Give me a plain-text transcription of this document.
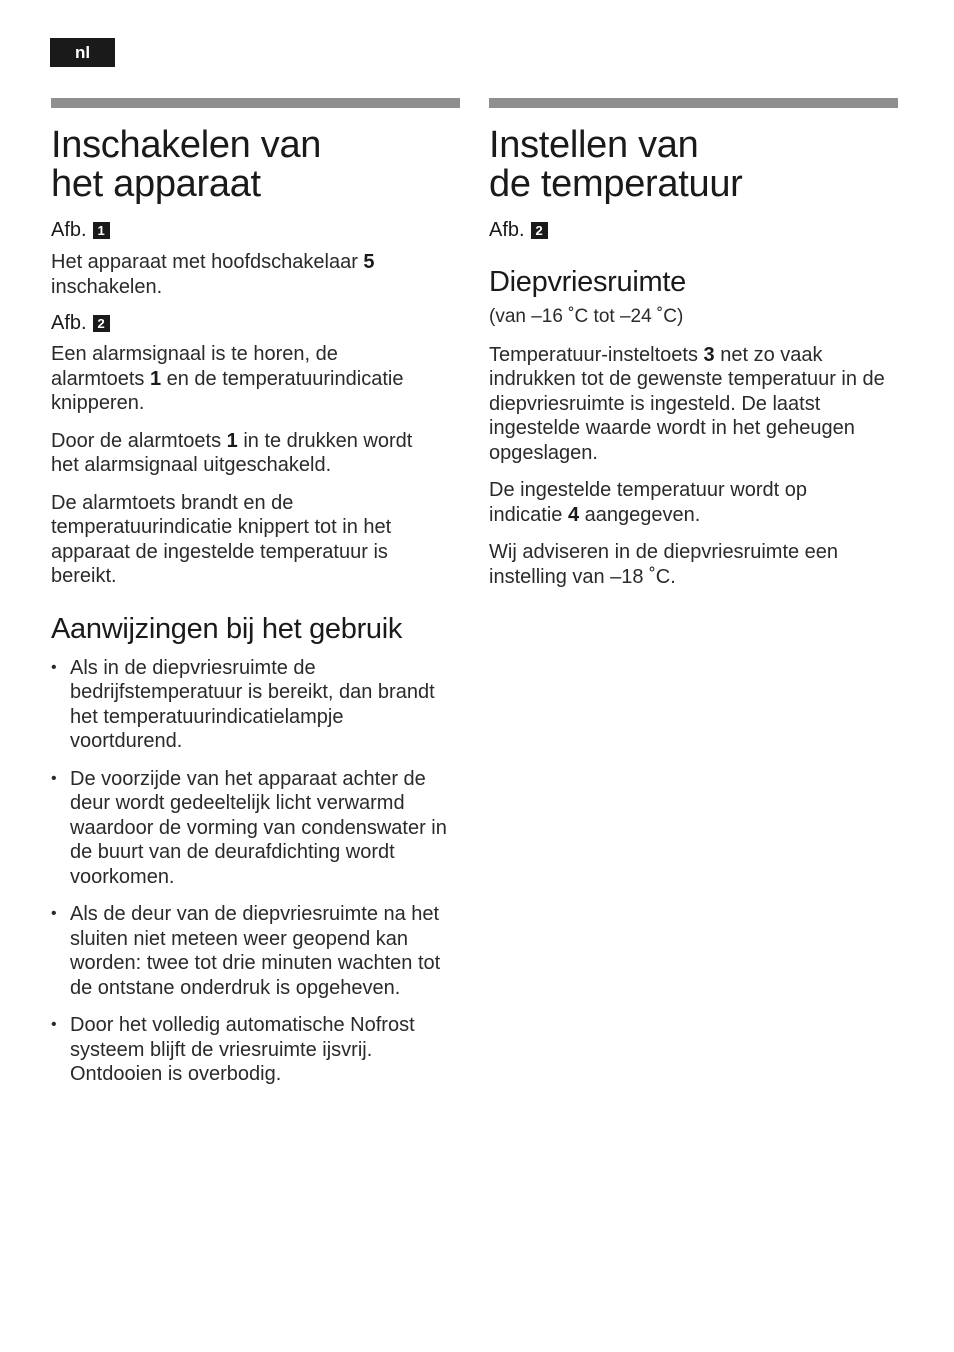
nl
Inschakelen van
het apparaat
Afb. 1

Het apparaat met hoofdschakelaar 5
inschakelen.

Afb. 2

Een alarmsignaal is te horen, de
alarmtoets 1 en de temperatuurindicatie
knipperen.

Door de alarmtoets 1 in te drukken wordt
het alarmsignaal uitgeschakeld.

De alarmtoets brandt en de temperatuurindicatie knippert tot in het apparaat de ingestelde temperatuur is bereikt.

Aanwijzingen bij het gebruik
• Als in de diepvriesruimte de bedrijfstemperatuur is bereikt, dan brandt het temperatuurindicatielampje voortdurend.
• De voorzijde van het apparaat achter de deur wordt gedeeltelijk licht verwarmd waardoor de vorming van condenswater in de buurt van de deurafdichting wordt voorkomen.
• Als de deur van de diepvriesruimte na het sluiten niet meteen weer geopend kan worden: twee tot drie minuten wachten tot de ontstane onderdruk is opgeheven.
• Door het volledig automatische Nofrost systeem blijft de vriesruimte ijsvrij. Ontdooien is overbodig.
Instellen van
de temperatuur
Afb. 2
Diepvriesruimte

(van –16 ˚C tot –24 ˚C)

Temperatuur-insteltoets 3 net zo vaak indrukken tot de gewenste temperatuur in de diepvriesruimte is ingesteld. De laatst ingestelde waarde wordt in het geheugen opgeslagen.

De ingestelde temperatuur wordt op indicatie 4 aangegeven.

Wij adviseren in de diepvriesruimte een instelling van –18 ˚C.
